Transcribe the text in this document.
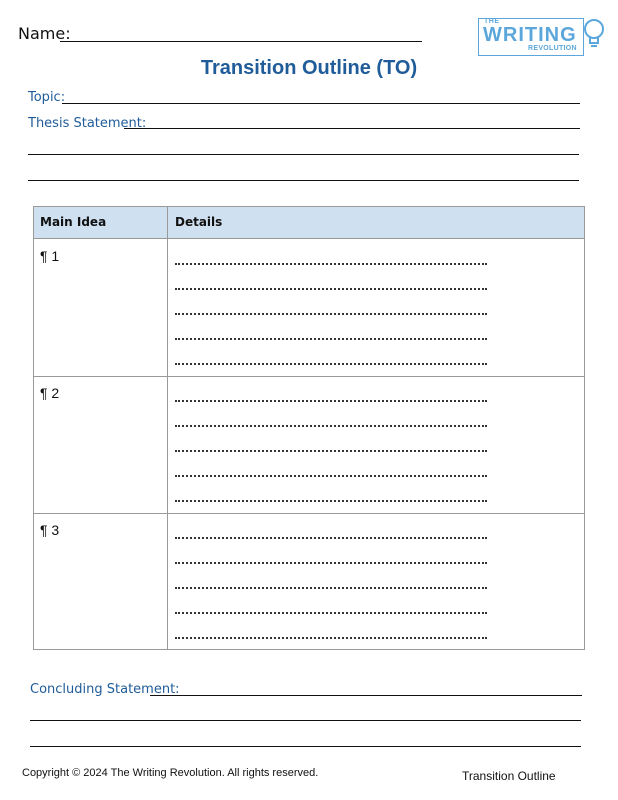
Name:
THE
WRITING
REVOLUTION
Transition Outline (TO)
Topic:
Thesis Statement:
Main Idea	Details
¶ 1
¶ 2
¶ 3
Concluding Statement:
Copyright © 2024 The Writing Revolution. All rights reserved.	Transition Outline
